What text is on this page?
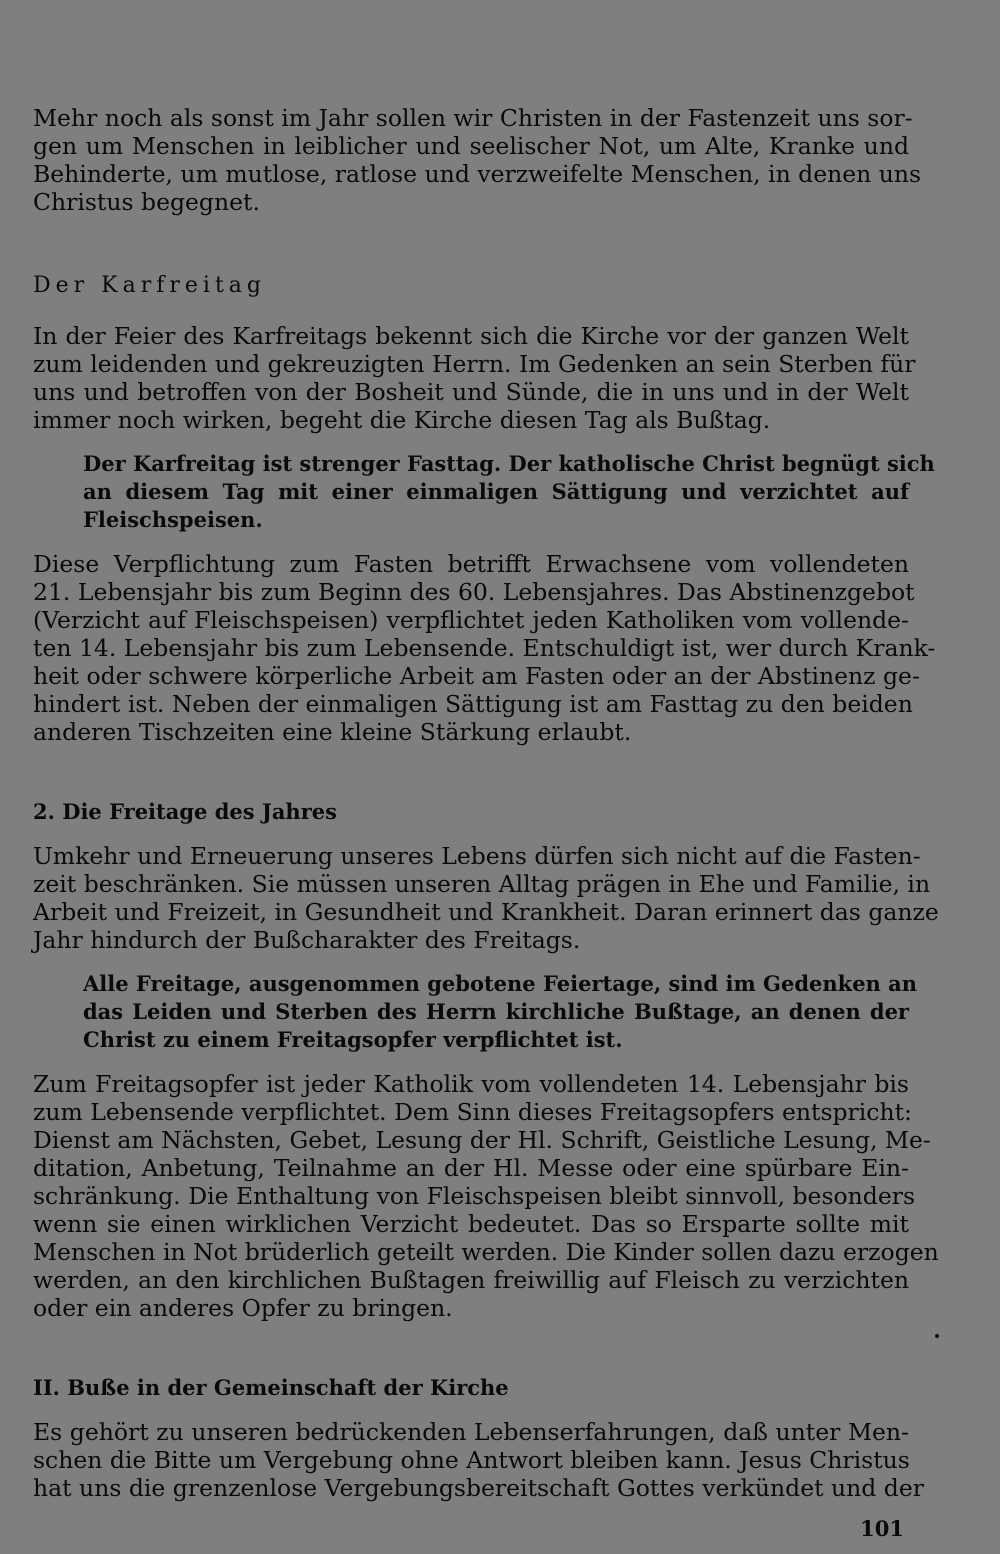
Mehr noch als sonst im Jahr sollen wir Christen in der Fastenzeit uns sor-
gen um Menschen in leiblicher und seelischer Not, um Alte, Kranke und
Behinderte, um mutlose, ratlose und verzweifelte Menschen, in denen uns
Christus begegnet.
Der Karfreitag
In der Feier des Karfreitags bekennt sich die Kirche vor der ganzen Welt
zum leidenden und gekreuzigten Herrn. Im Gedenken an sein Sterben für
uns und betroffen von der Bosheit und Sünde, die in uns und in der Welt
immer noch wirken, begeht die Kirche diesen Tag als Bußtag.
Der Karfreitag ist strenger Fasttag. Der katholische Christ begnügt sich
an diesem Tag mit einer einmaligen Sättigung und verzichtet auf
Fleischspeisen.
Diese Verpflichtung zum Fasten betrifft Erwachsene vom vollendeten
21. Lebensjahr bis zum Beginn des 60. Lebensjahres. Das Abstinenzgebot
(Verzicht auf Fleischspeisen) verpflichtet jeden Katholiken vom vollende-
ten 14. Lebensjahr bis zum Lebensende. Entschuldigt ist, wer durch Krank-
heit oder schwere körperliche Arbeit am Fasten oder an der Abstinenz ge-
hindert ist. Neben der einmaligen Sättigung ist am Fasttag zu den beiden
anderen Tischzeiten eine kleine Stärkung erlaubt.
2. Die Freitage des Jahres
Umkehr und Erneuerung unseres Lebens dürfen sich nicht auf die Fasten-
zeit beschränken. Sie müssen unseren Alltag prägen in Ehe und Familie, in
Arbeit und Freizeit, in Gesundheit und Krankheit. Daran erinnert das ganze
Jahr hindurch der Bußcharakter des Freitags.
Alle Freitage, ausgenommen gebotene Feiertage, sind im Gedenken an
das Leiden und Sterben des Herrn kirchliche Bußtage, an denen der
Christ zu einem Freitagsopfer verpflichtet ist.
Zum Freitagsopfer ist jeder Katholik vom vollendeten 14. Lebensjahr bis
zum Lebensende verpflichtet. Dem Sinn dieses Freitagsopfers entspricht:
Dienst am Nächsten, Gebet, Lesung der Hl. Schrift, Geistliche Lesung, Me-
ditation, Anbetung, Teilnahme an der Hl. Messe oder eine spürbare Ein-
schränkung. Die Enthaltung von Fleischspeisen bleibt sinnvoll, besonders
wenn sie einen wirklichen Verzicht bedeutet. Das so Ersparte sollte mit
Menschen in Not brüderlich geteilt werden. Die Kinder sollen dazu erzogen
werden, an den kirchlichen Bußtagen freiwillig auf Fleisch zu verzichten
oder ein anderes Opfer zu bringen.
II. Buße in der Gemeinschaft der Kirche
Es gehört zu unseren bedrückenden Lebenserfahrungen, daß unter Men-
schen die Bitte um Vergebung ohne Antwort bleiben kann. Jesus Christus
hat uns die grenzenlose Vergebungsbereitschaft Gottes verkündet und der
101
